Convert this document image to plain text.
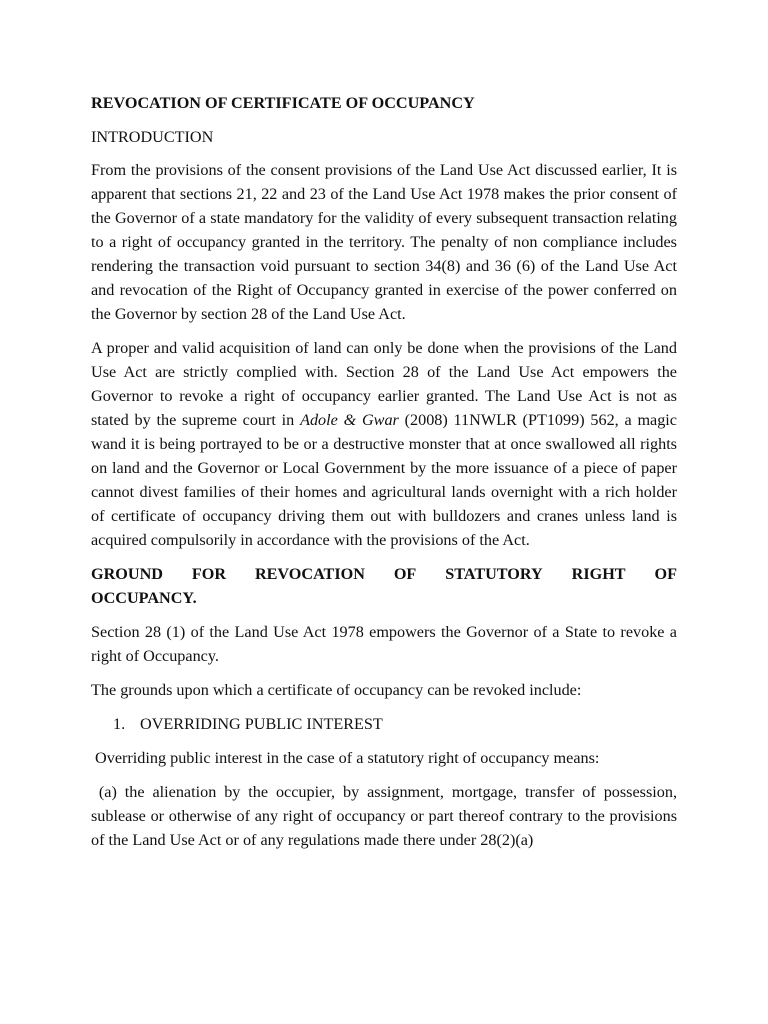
REVOCATION OF CERTIFICATE OF OCCUPANCY
INTRODUCTION

From the provisions of the consent provisions of the Land Use Act discussed earlier, It is apparent that sections 21, 22 and 23 of the Land Use Act 1978 makes the prior consent of the Governor of a state mandatory for the validity of every subsequent transaction relating to a right of occupancy granted in the territory. The penalty of non compliance includes rendering the transaction void pursuant to section 34(8) and 36 (6) of the Land Use Act and revocation of the Right of Occupancy granted in exercise of the power conferred on the Governor by section 28 of the Land Use Act.

A proper and valid acquisition of land can only be done when the provisions of the Land Use Act are strictly complied with. Section 28 of the Land Use Act empowers the Governor to revoke a right of occupancy earlier granted. The Land Use Act is not as stated by the supreme court in Adole & Gwar (2008) 11NWLR (PT1099) 562, a magic wand it is being portrayed to be or a destructive monster that at once swallowed all rights on land and the Governor or Local Government by the more issuance of a piece of paper cannot divest families of their homes and agricultural lands overnight with a rich holder of certificate of occupancy driving them out with bulldozers and cranes unless land is acquired compulsorily in accordance with the provisions of the Act.

GROUND FOR REVOCATION OF STATUTORY RIGHT OF
OCCUPANCY.

Section 28 (1) of the Land Use Act 1978 empowers the Governor of a State to revoke a right of Occupancy.

The grounds upon which a certificate of occupancy can be revoked include:

1. OVERRIDING PUBLIC INTEREST

Overriding public interest in the case of a statutory right of occupancy means:

(a) the alienation by the occupier, by assignment, mortgage, transfer of possession, sublease or otherwise of any right of occupancy or part thereof contrary to the provisions of the Land Use Act or of any regulations made there under 28(2)(a)
